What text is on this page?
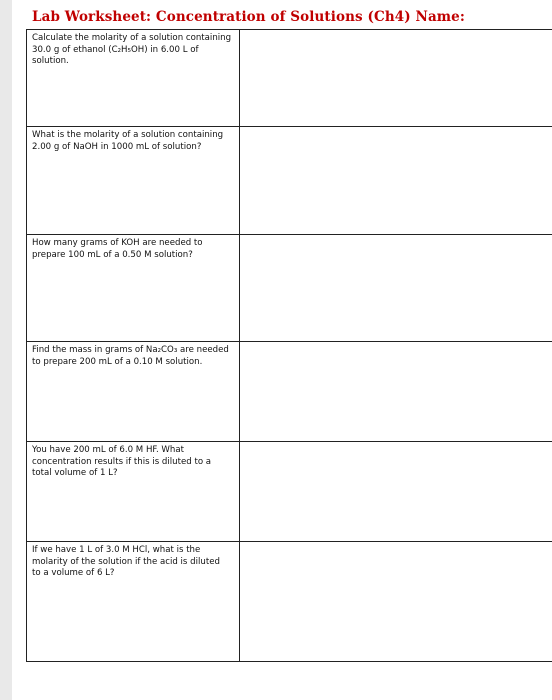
Lab Worksheet: Concentration of Solutions (Ch4) Name:
Calculate the molarity of a solution containing
30.0 g of ethanol (C₂H₅OH) in 6.00 L of
solution.	

What is the molarity of a solution containing
2.00 g of NaOH in 1000 mL of solution?	

How many grams of KOH are needed to
prepare 100 mL of a 0.50 M solution?	

Find the mass in grams of Na₂CO₃ are needed
to prepare 200 mL of a 0.10 M solution.	

You have 200 mL of 6.0 M HF. What
concentration results if this is diluted to a
total volume of 1 L?	

If we have 1 L of 3.0 M HCl, what is the
molarity of the solution if the acid is diluted
to a volume of 6 L?	
